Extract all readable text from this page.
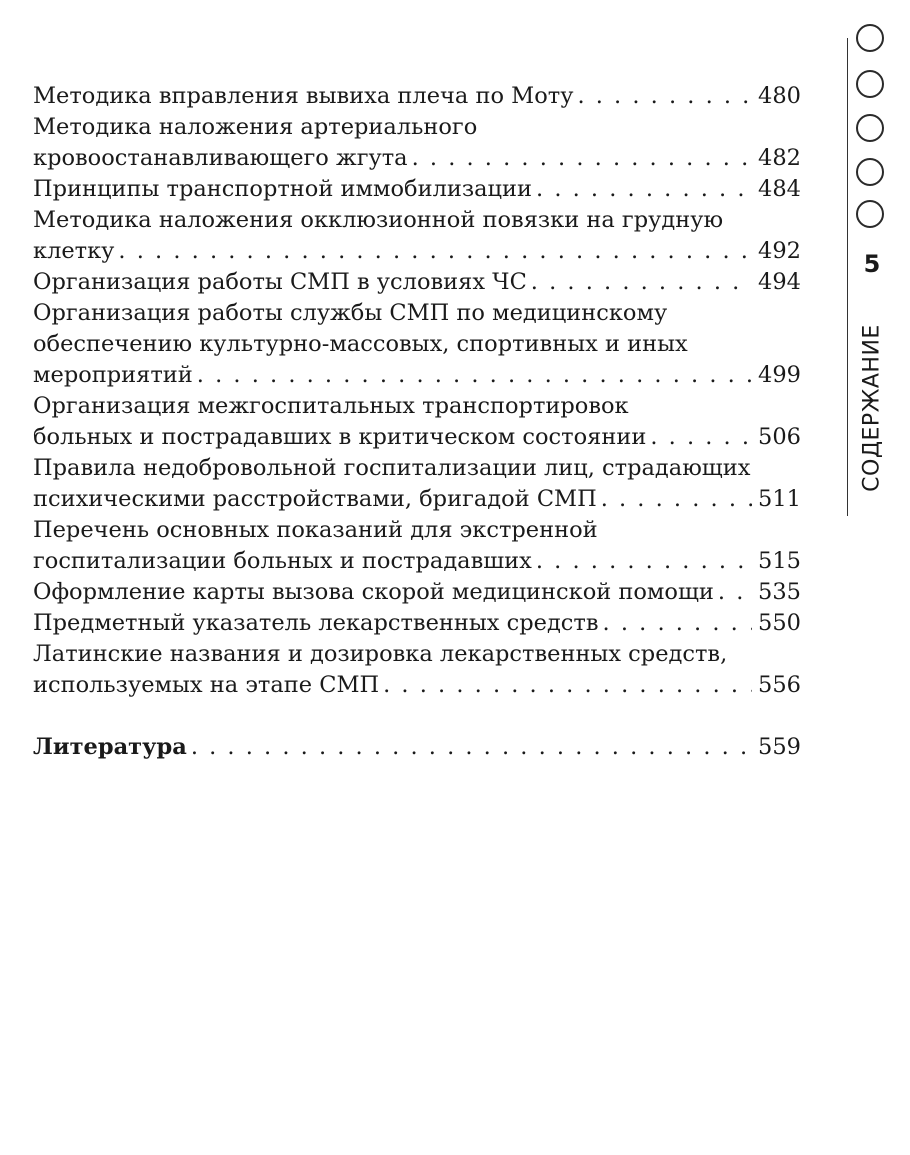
Методика вправления вывиха плеча по Моту . . .	480
Методика наложения артериального
кровоостанавливающего жгута . . .	482
Принципы транспортной иммобилизации . . .	484
Методика наложения окклюзионной повязки на грудную
клетку . . .	492
Организация работы СМП в условиях ЧС . . .	494
Организация работы службы СМП по медицинскому
обеспечению культурно-массовых, спортивных и иных
мероприятий . . .	499
Организация межгоспитальных транспортировок
больных и пострадавших в критическом состоянии . . .	506
Правила недобровольной госпитализации лиц, страдающих
психическими расстройствами, бригадой СМП . . .	511
Перечень основных показаний для экстренной
госпитализации больных и пострадавших . . .	515
Оформление карты вызова скорой медицинской помощи . . . 535
Предметный указатель лекарственных средств . . .	550
Латинские названия и дозировка лекарственных средств,
используемых на этапе СМП . . .	556
Литература . . .	559
5
СОДЕРЖАНИЕ
